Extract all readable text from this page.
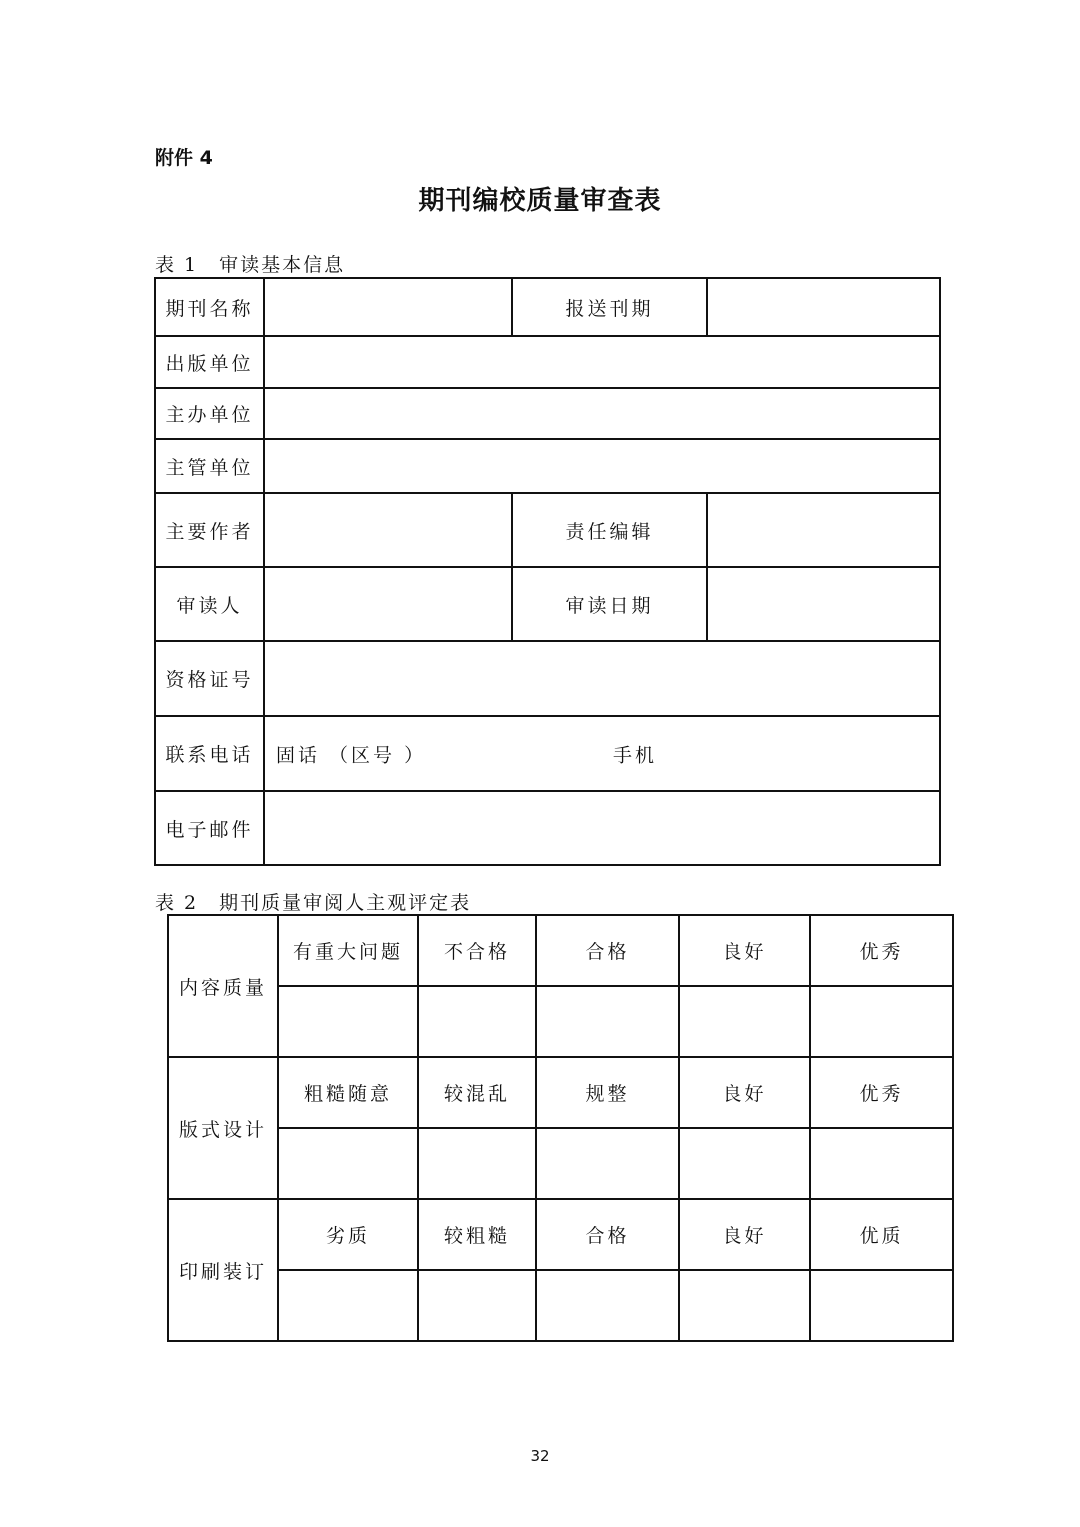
附件 4
期刊编校质量审查表
表 1　审读基本信息
期刊名称		报送刊期	
出版单位			
主办单位			
主管单位			
主要作者		责任编辑	
审读人		审读日期	
资格证号			
联系电话	固话 （区号 ） 手机		

电子邮件			
表 2　期刊质量审阅人主观评定表
内容质量	有重大问题	不合格	合格	良好	优秀

版式设计	粗糙随意	较混乱	规整	良好	优秀

印刷装订	劣质	较粗糙	合格	良好	优质

32
